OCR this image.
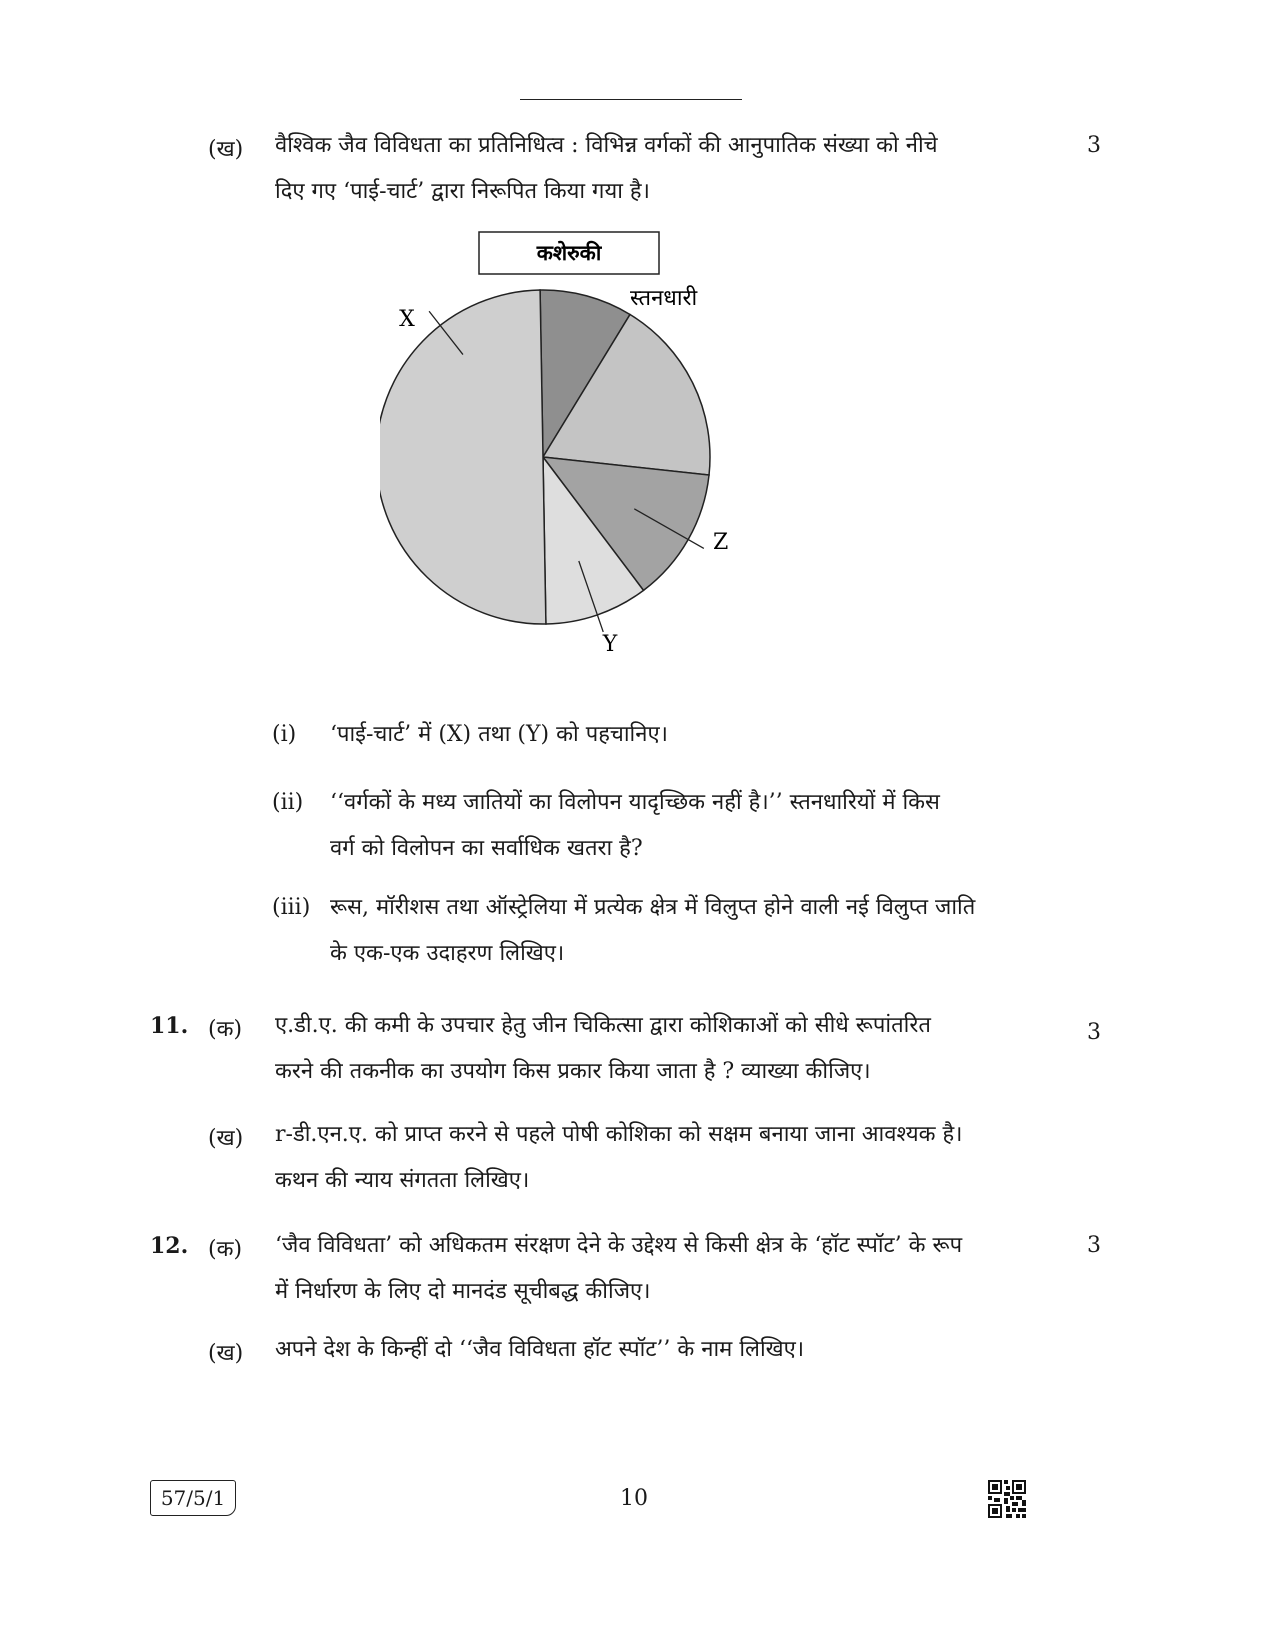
(ख) वैश्विक जैव विविधता का प्रतिनिधित्व : विभिन्न वर्गकों की आनुपातिक संख्या को नीचे
दिए गए ‘पाई-चार्ट’ द्वारा निरूपित किया गया है।
3
कशेरुकी
स्तनधारी
Z
Y
X
(i) ‘पाई-चार्ट’ में (X) तथा (Y) को पहचानिए।
(ii) ‘‘वर्गकों के मध्य जातियों का विलोपन यादृच्छिक नहीं है।’’ स्तनधारियों में किस
वर्ग को विलोपन का सर्वाधिक खतरा है?
(iii) रूस, मॉरीशस तथा ऑस्ट्रेलिया में प्रत्येक क्षेत्र में विलुप्त होने वाली नई विलुप्त जाति
के एक-एक उदाहरण लिखिए।
11. (क) ए.डी.ए. की कमी के उपचार हेतु जीन चिकित्सा द्वारा कोशिकाओं को सीधे रूपांतरित
करने की तकनीक का उपयोग किस प्रकार किया जाता है ? व्याख्या कीजिए।
3
(ख) r-डी.एन.ए. को प्राप्त करने से पहले पोषी कोशिका को सक्षम बनाया जाना आवश्यक है।
कथन की न्याय संगतता लिखिए।
12. (क) ‘जैव विविधता’ को अधिकतम संरक्षण देने के उद्देश्य से किसी क्षेत्र के ‘हॉट स्पॉट’ के रूप
में निर्धारण के लिए दो मानदंड सूचीबद्ध कीजिए।
3
(ख) अपने देश के किन्हीं दो ‘‘जैव विविधता हॉट स्पॉट’’ के नाम लिखिए।
57/5/1	10
